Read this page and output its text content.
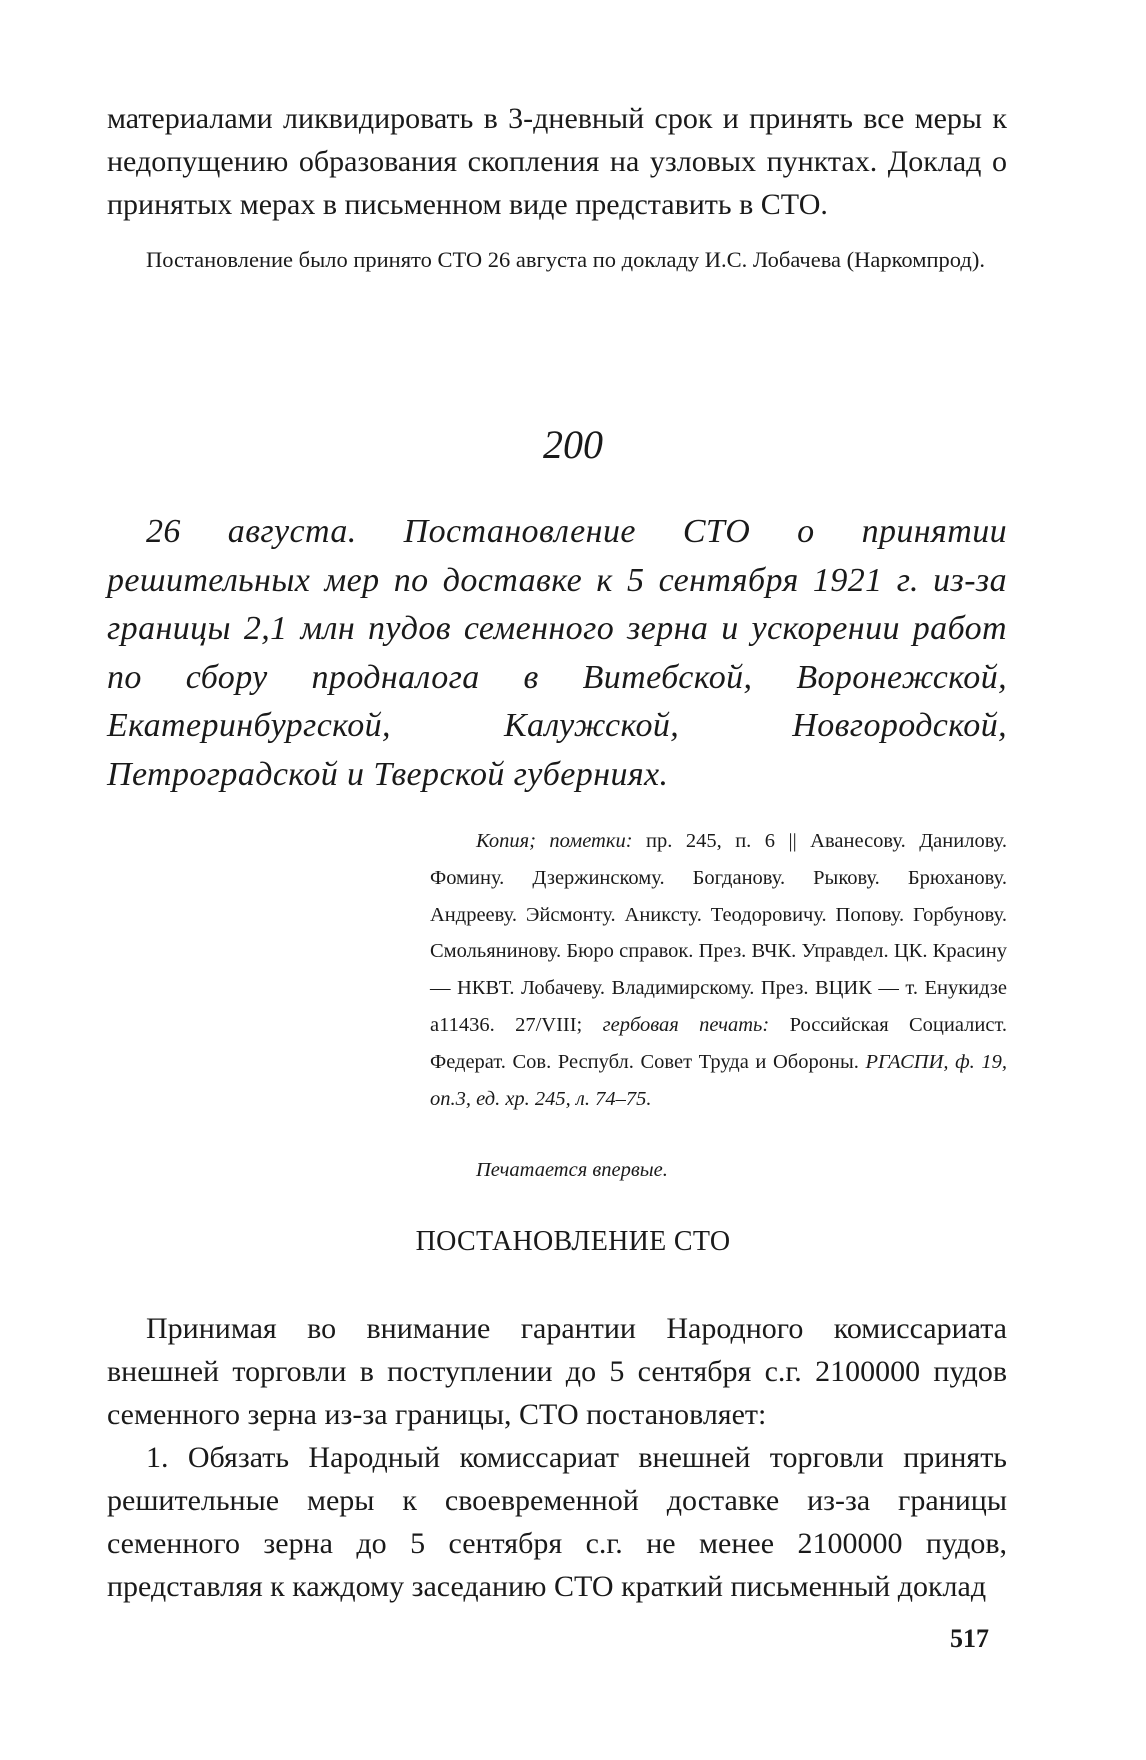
материалами ликвидировать в 3-дневный срок и принять все меры к недопущению образования скопления на узловых пунктах. Доклад о принятых мерах в письменном виде представить в СТО.

Постановление было принято СТО 26 августа по докладу И.С. Лобачева (Наркомпрод).

200

26 августа. Постановление СТО о принятии решительных мер по доставке к 5 сентября 1921 г. из-за границы 2,1 млн пудов семенного зерна и ускорении работ по сбору продналога в Витебской, Воронежской, Екатеринбургской, Калужской, Новгородской, Петроградской и Тверской губерниях.

Копия; пометки: пр. 245, п. 6 || Аванесову. Данилову. Фомину. Дзержинскому. Богданову. Рыкову. Брюханову. Андрееву. Эйсмонту. Аниксту. Теодоровичу. Попову. Горбунову. Смольянинову. Бюро справок. През. ВЧК. Управдел. ЦК. Красину — НКВТ. Лобачеву. Владимирскому. През. ВЦИК — т. Енукидзе а11436. 27/VIII; гербовая печать: Российская Социалист. Федерат. Сов. Республ. Совет Труда и Обороны. РГАСПИ, ф. 19, оп.3, ед. хр. 245, л. 74–75.

Печатается впервые.

ПОСТАНОВЛЕНИЕ СТО

Принимая во внимание гарантии Народного комиссариата внешней торговли в поступлении до 5 сентября с.г. 2100000 пудов семенного зерна из-за границы, СТО постановляет:

1. Обязать Народный комиссариат внешней торговли принять решительные меры к своевременной доставке из-за границы семенного зерна до 5 сентября с.г. не менее 2100000 пудов, представляя к каждому заседанию СТО краткий письменный доклад

517
